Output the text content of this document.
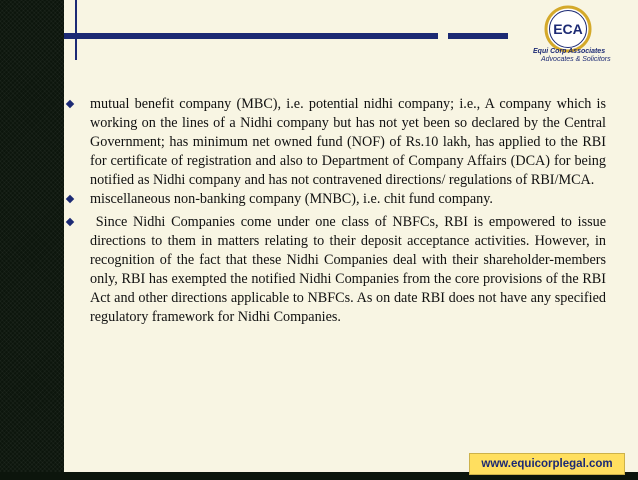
ECA
Equi Corp Associates
Advocates & Solicitors

mutual benefit company (MBC), i.e. potential nidhi company; i.e., A company which is working on the lines of a Nidhi company but has not yet been so declared by the Central Government; has minimum net owned fund (NOF) of Rs.10 lakh, has applied to the RBI for certificate of registration and also to Department of Company Affairs (DCA) for being notified as Nidhi company and has not contravened directions/ regulations of RBI/MCA.

miscellaneous non-banking company (MNBC), i.e. chit fund company.

Since Nidhi Companies come under one class of NBFCs, RBI is empowered to issue directions to them in matters relating to their deposit acceptance activities. However, in recognition of the fact that these Nidhi Companies deal with their shareholder-members only, RBI has exempted the notified Nidhi Companies from the core provisions of the RBI Act and other directions applicable to NBFCs. As on date RBI does not have any specified regulatory framework for Nidhi Companies.

www.equicorplegal.com
